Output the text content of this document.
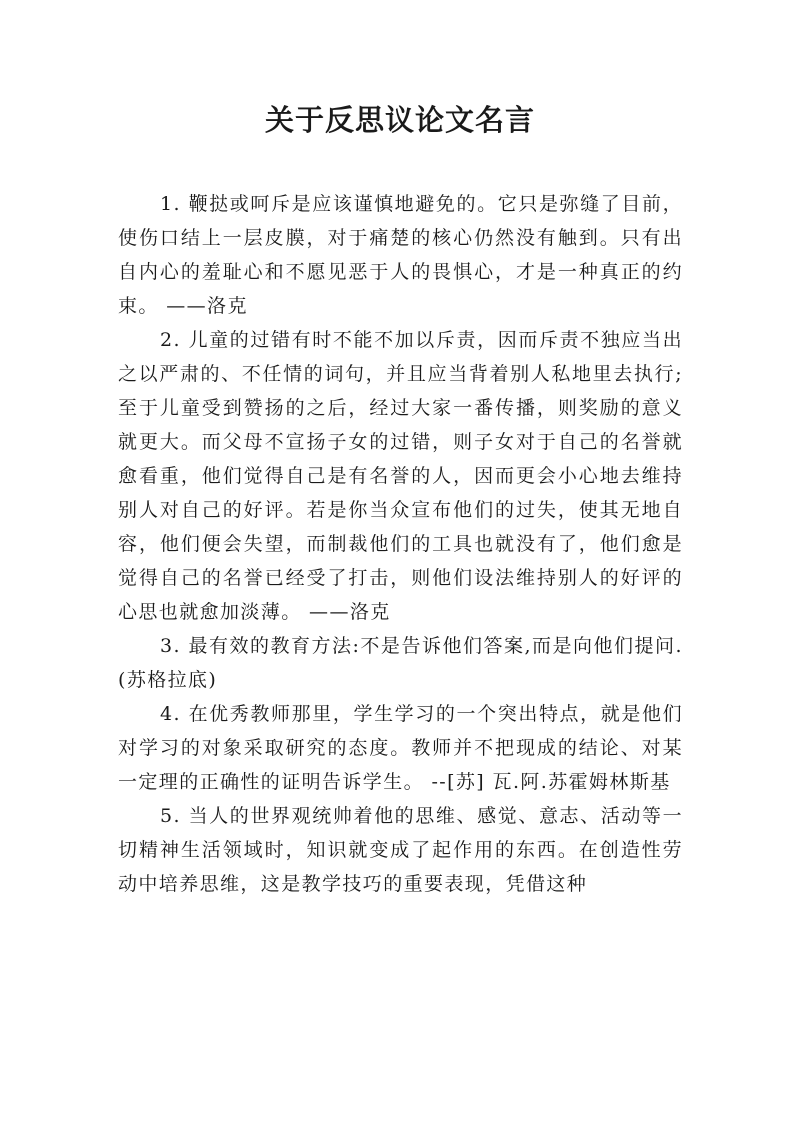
关于反思议论文名言

1. 鞭挞或呵斥是应该谨慎地避免的。它只是弥缝了目前，使伤口结上一层皮膜，对于痛楚的核心仍然没有触到。只有出自内心的羞耻心和不愿见恶于人的畏惧心，才是一种真正的约束。 ——洛克

2. 儿童的过错有时不能不加以斥责，因而斥责不独应当出之以严肃的、不任情的词句，并且应当背着别人私地里去执行;至于儿童受到赞扬的之后，经过大家一番传播，则奖励的意义就更大。而父母不宣扬子女的过错，则子女对于自己的名誉就愈看重，他们觉得自己是有名誉的人，因而更会小心地去维持别人对自己的好评。若是你当众宣布他们的过失，使其无地自容，他们便会失望，而制裁他们的工具也就没有了，他们愈是觉得自己的名誉已经受了打击，则他们设法维持别人的好评的心思也就愈加淡薄。 ——洛克

3. 最有效的教育方法:不是告诉他们答案,而是向他们提问.(苏格拉底)

4. 在优秀教师那里，学生学习的一个突出特点，就是他们对学习的对象采取研究的态度。教师并不把现成的结论、对某一定理的正确性的证明告诉学生。 --[苏] 瓦.阿.苏霍姆林斯基

5. 当人的世界观统帅着他的思维、感觉、意志、活动等一切精神生活领域时，知识就变成了起作用的东西。在创造性劳动中培养思维，这是教学技巧的重要表现，凭借这种
